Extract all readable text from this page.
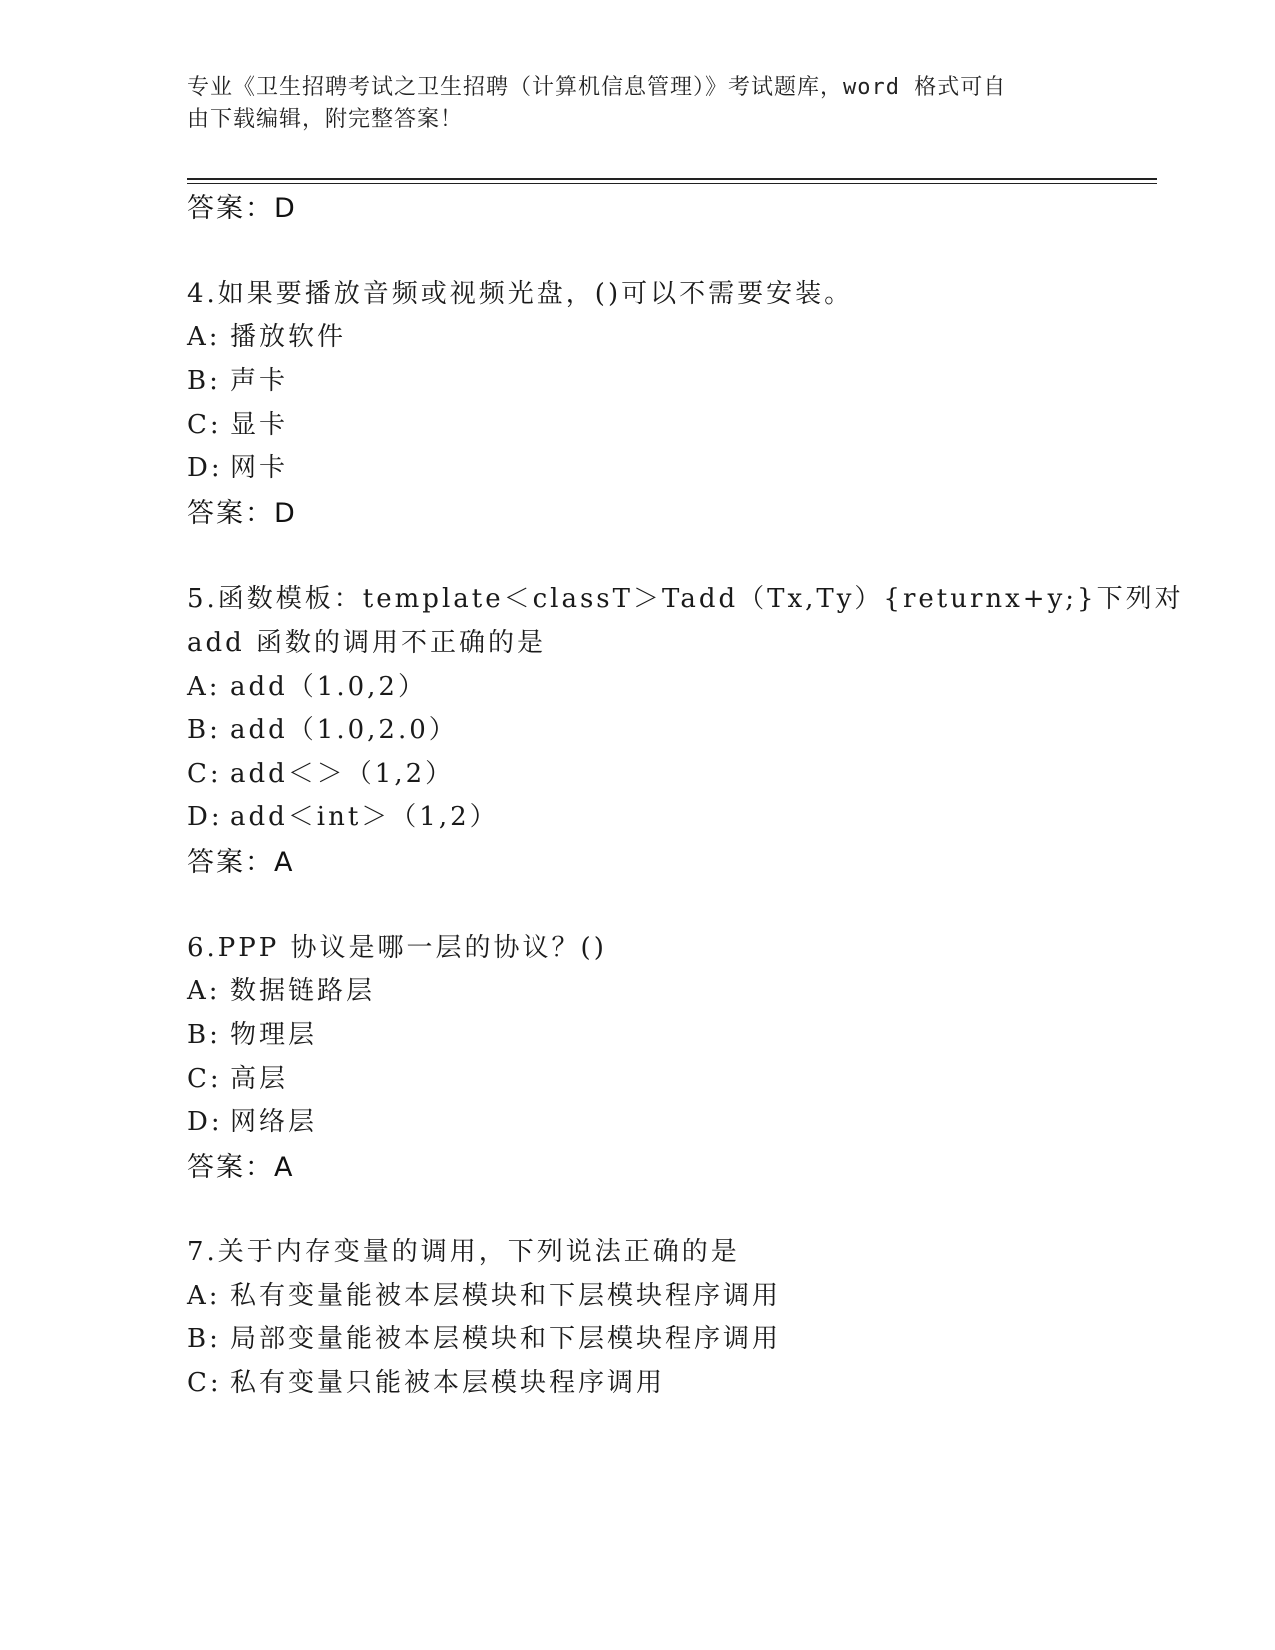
专业《卫生招聘考试之卫生招聘（计算机信息管理）》考试题库，word 格式可自
由下载编辑，附完整答案！
答案：D
4.如果要播放音频或视频光盘，()可以不需要安装。
A: 播放软件
B: 声卡
C: 显卡
D: 网卡
答案：D
5.函数模板：template＜classT＞Tadd（Tx,Ty）{returnx+y;}下列对
add 函数的调用不正确的是
A: add（1.0,2）
B: add（1.0,2.0）
C: add＜＞（1,2）
D: add＜int＞（1,2）
答案：A
6.PPP 协议是哪一层的协议？()
A: 数据链路层
B: 物理层
C: 高层
D: 网络层
答案：A
7.关于内存变量的调用，下列说法正确的是
A: 私有变量能被本层模块和下层模块程序调用
B: 局部变量能被本层模块和下层模块程序调用
C: 私有变量只能被本层模块程序调用
